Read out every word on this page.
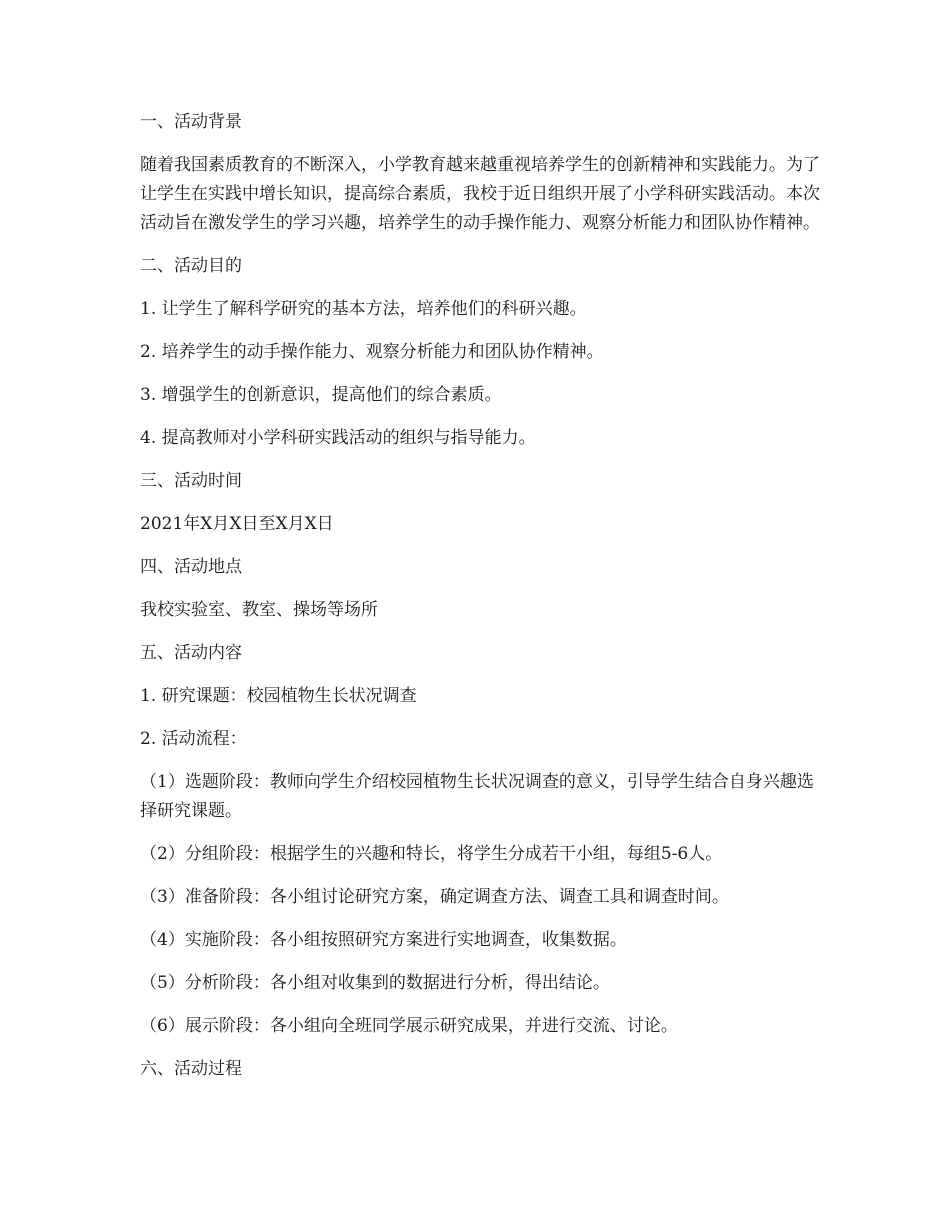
一、活动背景
随着我国素质教育的不断深入，小学教育越来越重视培养学生的创新精神和实践能力。为了让学生在实践中增长知识，提高综合素质，我校于近日组织开展了小学科研实践活动。本次活动旨在激发学生的学习兴趣，培养学生的动手操作能力、观察分析能力和团队协作精神。
二、活动目的
1. 让学生了解科学研究的基本方法，培养他们的科研兴趣。
2. 培养学生的动手操作能力、观察分析能力和团队协作精神。
3. 增强学生的创新意识，提高他们的综合素质。
4. 提高教师对小学科研实践活动的组织与指导能力。
三、活动时间
2021年X月X日至X月X日
四、活动地点
我校实验室、教室、操场等场所
五、活动内容
1. 研究课题：校园植物生长状况调查
2. 活动流程：
（1）选题阶段：教师向学生介绍校园植物生长状况调查的意义，引导学生结合自身兴趣选择研究课题。
（2）分组阶段：根据学生的兴趣和特长，将学生分成若干小组，每组5-6人。
（3）准备阶段：各小组讨论研究方案，确定调查方法、调查工具和调查时间。
（4）实施阶段：各小组按照研究方案进行实地调查，收集数据。
（5）分析阶段：各小组对收集到的数据进行分析，得出结论。
（6）展示阶段：各小组向全班同学展示研究成果，并进行交流、讨论。
六、活动过程
